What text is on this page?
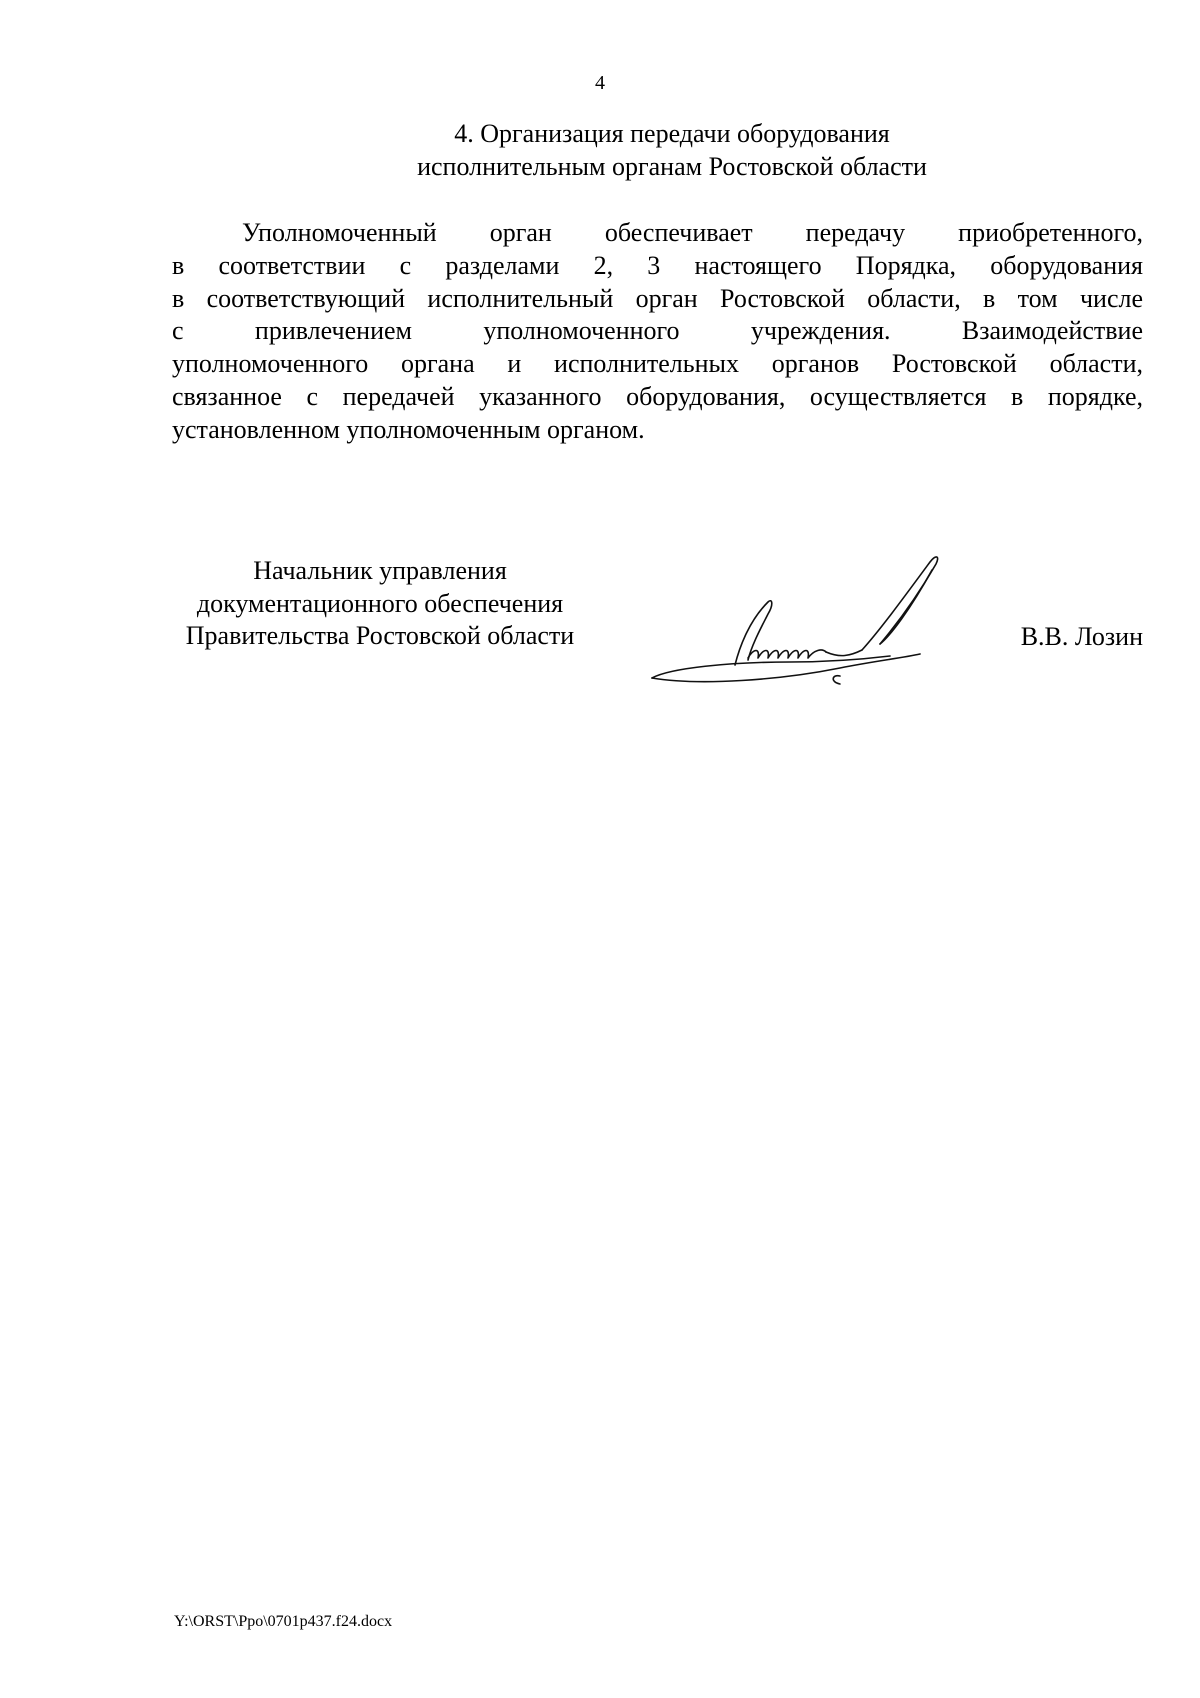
4
4. Организация передачи оборудования
исполнительным органам Ростовской области
Уполномоченный орган обеспечивает передачу приобретенного,
в соответствии с разделами 2, 3 настоящего Порядка, оборудования
в соответствующий исполнительный орган Ростовской области, в том числе
с привлечением уполномоченного учреждения. Взаимодействие
уполномоченного органа и исполнительных органов Ростовской области,
связанное с передачей указанного оборудования, осуществляется в порядке,
установленном уполномоченным органом.
Начальник управления
документационного обеспечения
Правительства Ростовской области	В.В. Лозин
Y:\ORST\Ppo\0701p437.f24.docx
